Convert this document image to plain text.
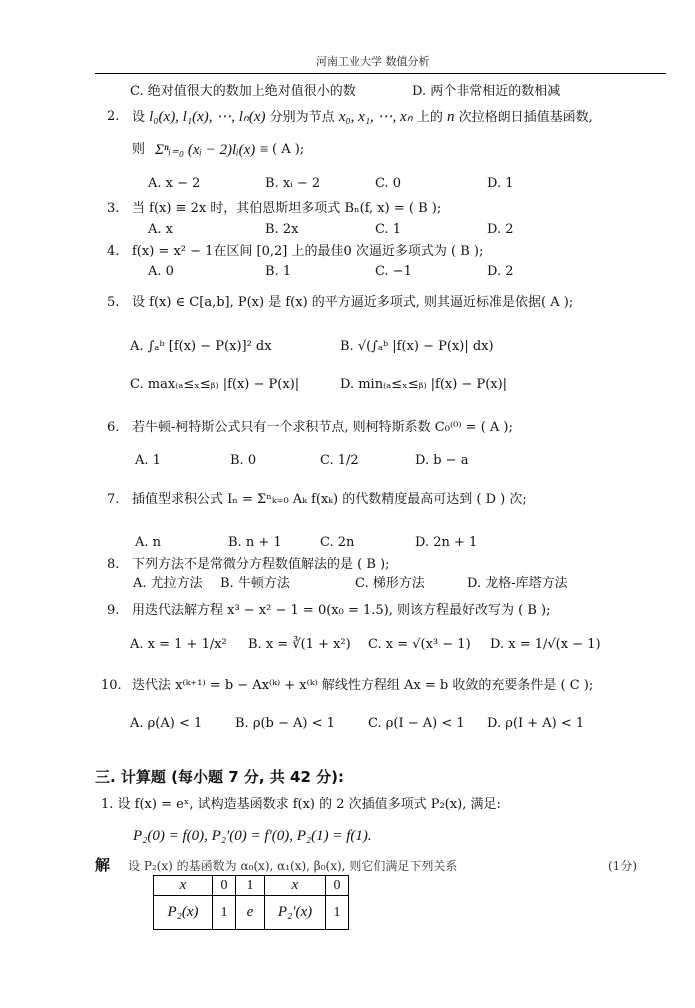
河南工业大学 数值分析
C. 绝对值很大的数加上绝对值很小的数	D. 两个非常相近的数相减
2. 设 l₀(x), l₁(x), ⋯, lₙ(x) 分别为节点 x₀, x₁, ⋯, xₙ 上的 n 次拉格朗日插值基函数,
则 Σⁿᵢ₌₀ (xᵢ − 2)lᵢ(x) ≡ ( A );
A. x − 2	B. xᵢ − 2	C. 0	D. 1
3. 当 f(x) ≡ 2x 时，其伯恩斯坦多项式 Bₙ(f, x) = ( B );
A. x	B. 2x	C. 1	D. 2
4. f(x) = x² − 1在区间 [0,2] 上的最佳0 次逼近多项式为 ( B );
A. 0	B. 1	C. −1	D. 2
5. 设 f(x) ∈ C[a,b], P(x) 是 f(x) 的平方逼近多项式, 则其逼近标准是依据( A );
A. ∫ₐᵇ [f(x) − P(x)]² dx	B. √(∫ₐᵇ |f(x) − P(x)| dx)
C. max₍ₐ≤ₓ≤ᵦ₎ |f(x) − P(x)|	D. min₍ₐ≤ₓ≤ᵦ₎ |f(x) − P(x)|
6. 若牛顿-柯特斯公式只有一个求积节点, 则柯特斯系数 C₀⁽⁰⁾ = ( A );
A. 1	B. 0	C. 1/2	D. b − a
7. 插值型求积公式 Iₙ = Σⁿₖ₌₀ Aₖ f(xₖ) 的代数精度最高可达到 ( D ) 次;
A. n	B. n + 1	C. 2n	D. 2n + 1
8. 下列方法不是常微分方程数值解法的是 ( B );
A. 尤拉方法 B. 牛顿方法	C. 梯形方法	D. 龙格-库塔方法
9. 用迭代法解方程 x³ − x² − 1 = 0(x₀ = 1.5), 则该方程最好改写为 ( B );
A. x = 1 + 1/x² B. x = ∛(1 + x²) C. x = √(x³ − 1) D. x = 1/√(x − 1)
10. 迭代法 x⁽ᵏ⁺¹⁾ = b − Ax⁽ᵏ⁾ + x⁽ᵏ⁾ 解线性方程组 Ax = b 收敛的充要条件是 ( C );
A. ρ(A) < 1	B. ρ(b − A) < 1	C. ρ(I − A) < 1 D. ρ(I + A) < 1
三. 计算题 (每小题 7 分, 共 42 分):
1. 设 f(x) = eˣ, 试构造基函数求 f(x) 的 2 次插值多项式 P₂(x), 满足:
P₂(0) = f(0), P₂'(0) = f'(0), P₂(1) = f(1).
解 设 P₂(x) 的基函数为 α₀(x), α₁(x), β₀(x), 则它们满足下列关系	(1分)
x	0	1	x	0
P₂(x)	1	e	P₂'(x)	1
